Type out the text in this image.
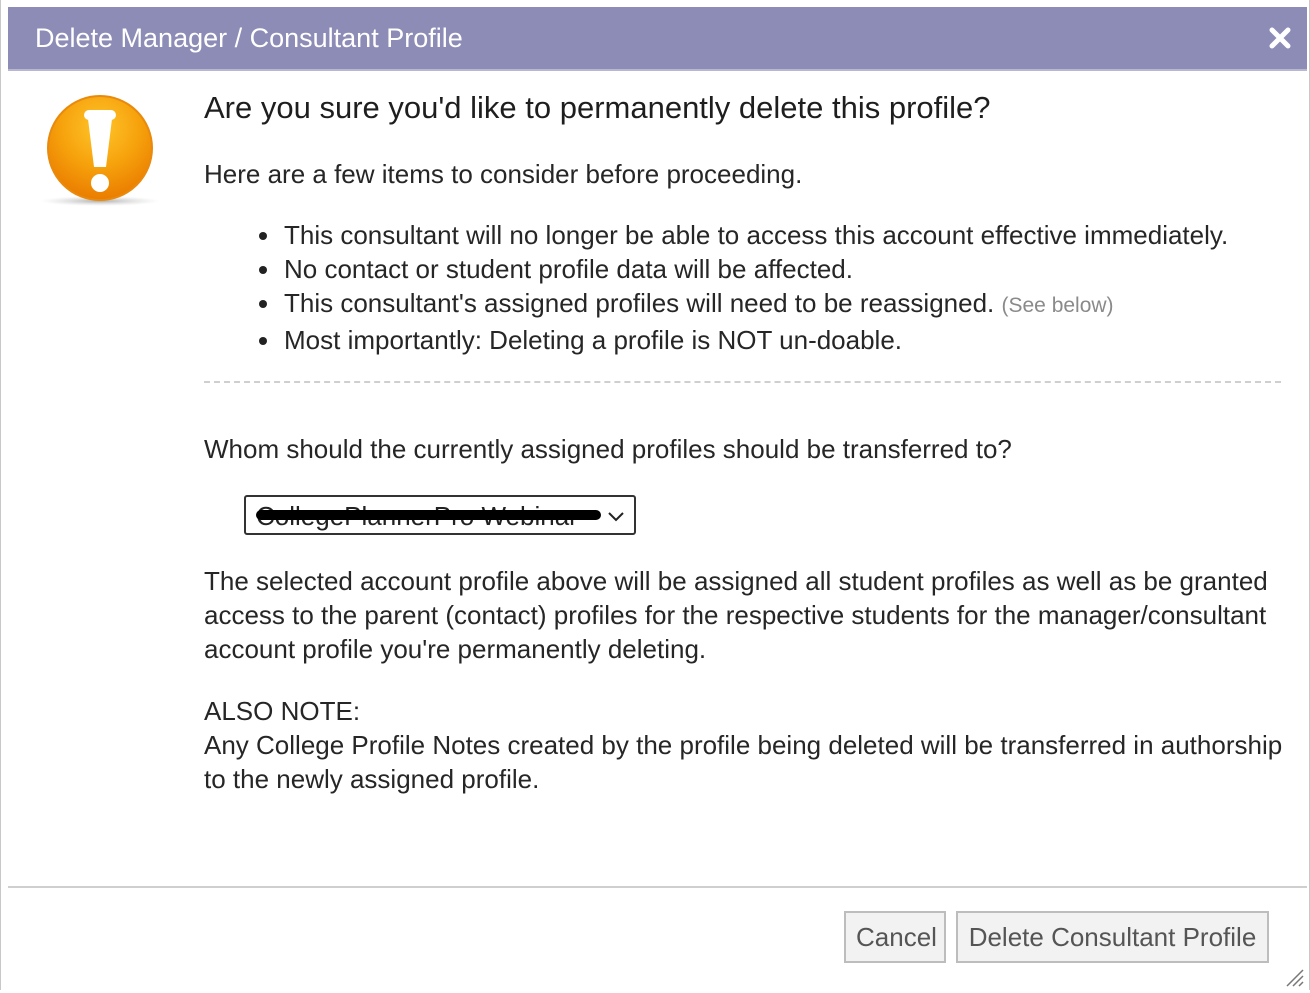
Delete Manager / Consultant Profile
Are you sure you'd like to permanently delete this profile?
Here are a few items to consider before proceeding.
This consultant will no longer be able to access this account effective immediately.
No contact or student profile data will be affected.
This consultant's assigned profiles will need to be reassigned. (See below)
Most importantly: Deleting a profile is NOT un-doable.
Whom should the currently assigned profiles should be transferred to?
The selected account profile above will be assigned all student profiles as well as be granted access to the parent (contact) profiles for the respective students for the manager/consultant account profile you're permanently deleting.
ALSO NOTE:
Any College Profile Notes created by the profile being deleted will be transferred in authorship to the newly assigned profile.
Cancel	Delete Consultant Profile
